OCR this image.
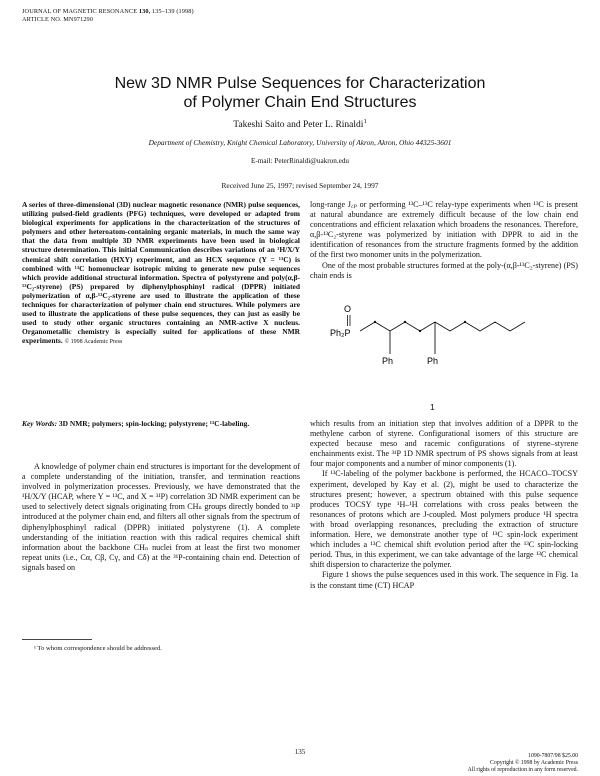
JOURNAL OF MAGNETIC RESONANCE 130, 135–139 (1998)
ARTICLE NO. MN971290
New 3D NMR Pulse Sequences for Characterization
of Polymer Chain End Structures
Takeshi Saito and Peter L. Rinaldi$^1$
Department of Chemistry, Knight Chemical Laboratory, University of Akron, Akron, Ohio 44325-3601
E-mail: PeterRinaldi@uakron.edu
Received June 25, 1997; revised September 24, 1997
A series of three-dimensional (3D) nuclear magnetic resonance (NMR) pulse sequences, utilizing pulsed-field gradients (PFG) techniques, were developed or adapted from biological experiments for applications in the characterization of the structures of polymers and other heteroatom-containing organic materials, in much the same way that the data from multiple 3D NMR experiments have been used in biological structure determination. This initial Communication describes variations of an ¹H/X/Y chemical shift correlation (HXY) experiment, and an HCX sequence (Y = ¹³C) is combined with ¹³C homonuclear isotropic mixing to generate new pulse sequences which provide additional structural information. Spectra of polystyrene and poly(α,β-¹³C₂-styrene) (PS) prepared by diphenylphosphinyl radical (DPPR) initiated polymerization of α,β-¹³C₂-styrene are used to illustrate the application of these techniques for characterization of polymer chain end structures. While polymers are used to illustrate the applications of these pulse sequences, they can just as easily be used to study other organic structures containing an NMR-active X nucleus. Organometallic chemistry is especially suited for applications of these NMR experiments. © 1998 Academic Press
Key Words: 3D NMR; polymers; spin-locking; polystyrene; ¹³C-labeling.

A knowledge of polymer chain end structures is important for the development of a complete understanding of the initiation, transfer, and termination reactions involved in polymerization processes. Previously, we have demonstrated that the ¹H/X/Y (HCAP, where Y = ¹³C, and X = ³¹P) correlation 3D NMR experiment can be used to selectively detect signals originating from CHₙ groups directly bonded to ³¹P introduced at the polymer chain end, and filters all other signals from the spectrum of diphenylphosphinyl radical (DPPR) initiated polystyrene (1). A complete understanding of the initiation reaction with this radical requires chemical shift information about the backbone CHₙ nuclei from at least the first two monomer repeat units (i.e., Cα, Cβ, Cγ, and Cδ) at the ³¹P-containing chain end. Detection of signals based on

¹ To whom correspondence should be addressed.

long-range J꜀ₚ or performing ¹³C–¹³C relay-type experiments when ¹³C is present at natural abundance are extremely difficult because of the low chain end concentrations and efficient relaxation which broadens the resonances. Therefore, α,β-¹³C₂-styrene was polymerized by initiation with DPPR to aid in the identification of resonances from the structure fragments formed by the addition of the first two monomer units in the polymerization.

One of the most probable structures formed at the poly-(α,β-¹³C₂-styrene) (PS) chain ends is

O
Ph₂P
Ph	Ph
1

which results from an initiation step that involves addition of a DPPR to the methylene carbon of styrene. Configurational isomers of this structure are expected because meso and racemic configurations of styrene–styrene enchainments exist. The ³¹P 1D NMR spectrum of PS shows signals from at least four major components and a number of minor components (1).

If ¹³C-labeling of the polymer backbone is performed, the HCACO–TOCSY experiment, developed by Kay et al. (2), might be used to characterize the structures present; however, a spectrum obtained with this pulse sequence produces TOCSY type ¹H–¹H correlations with cross peaks between the resonances of protons which are J-coupled. Most polymers produce ¹H spectra with broad overlapping resonances, precluding the extraction of structure information. Here, we demonstrate another type of ¹³C spin-lock experiment which includes a ¹³C chemical shift evolution period after the ¹³C spin-locking period. Thus, in this experiment, we can take advantage of the large ¹³C chemical shift dispersion to characterize the polymer.

Figure 1 shows the pulse sequences used in this work. The sequence in Fig. 1a is the constant time (CT) HCAP

135	1090-7807/98 $25.00
Copyright © 1998 by Academic Press
All rights of reproduction in any form reserved.
